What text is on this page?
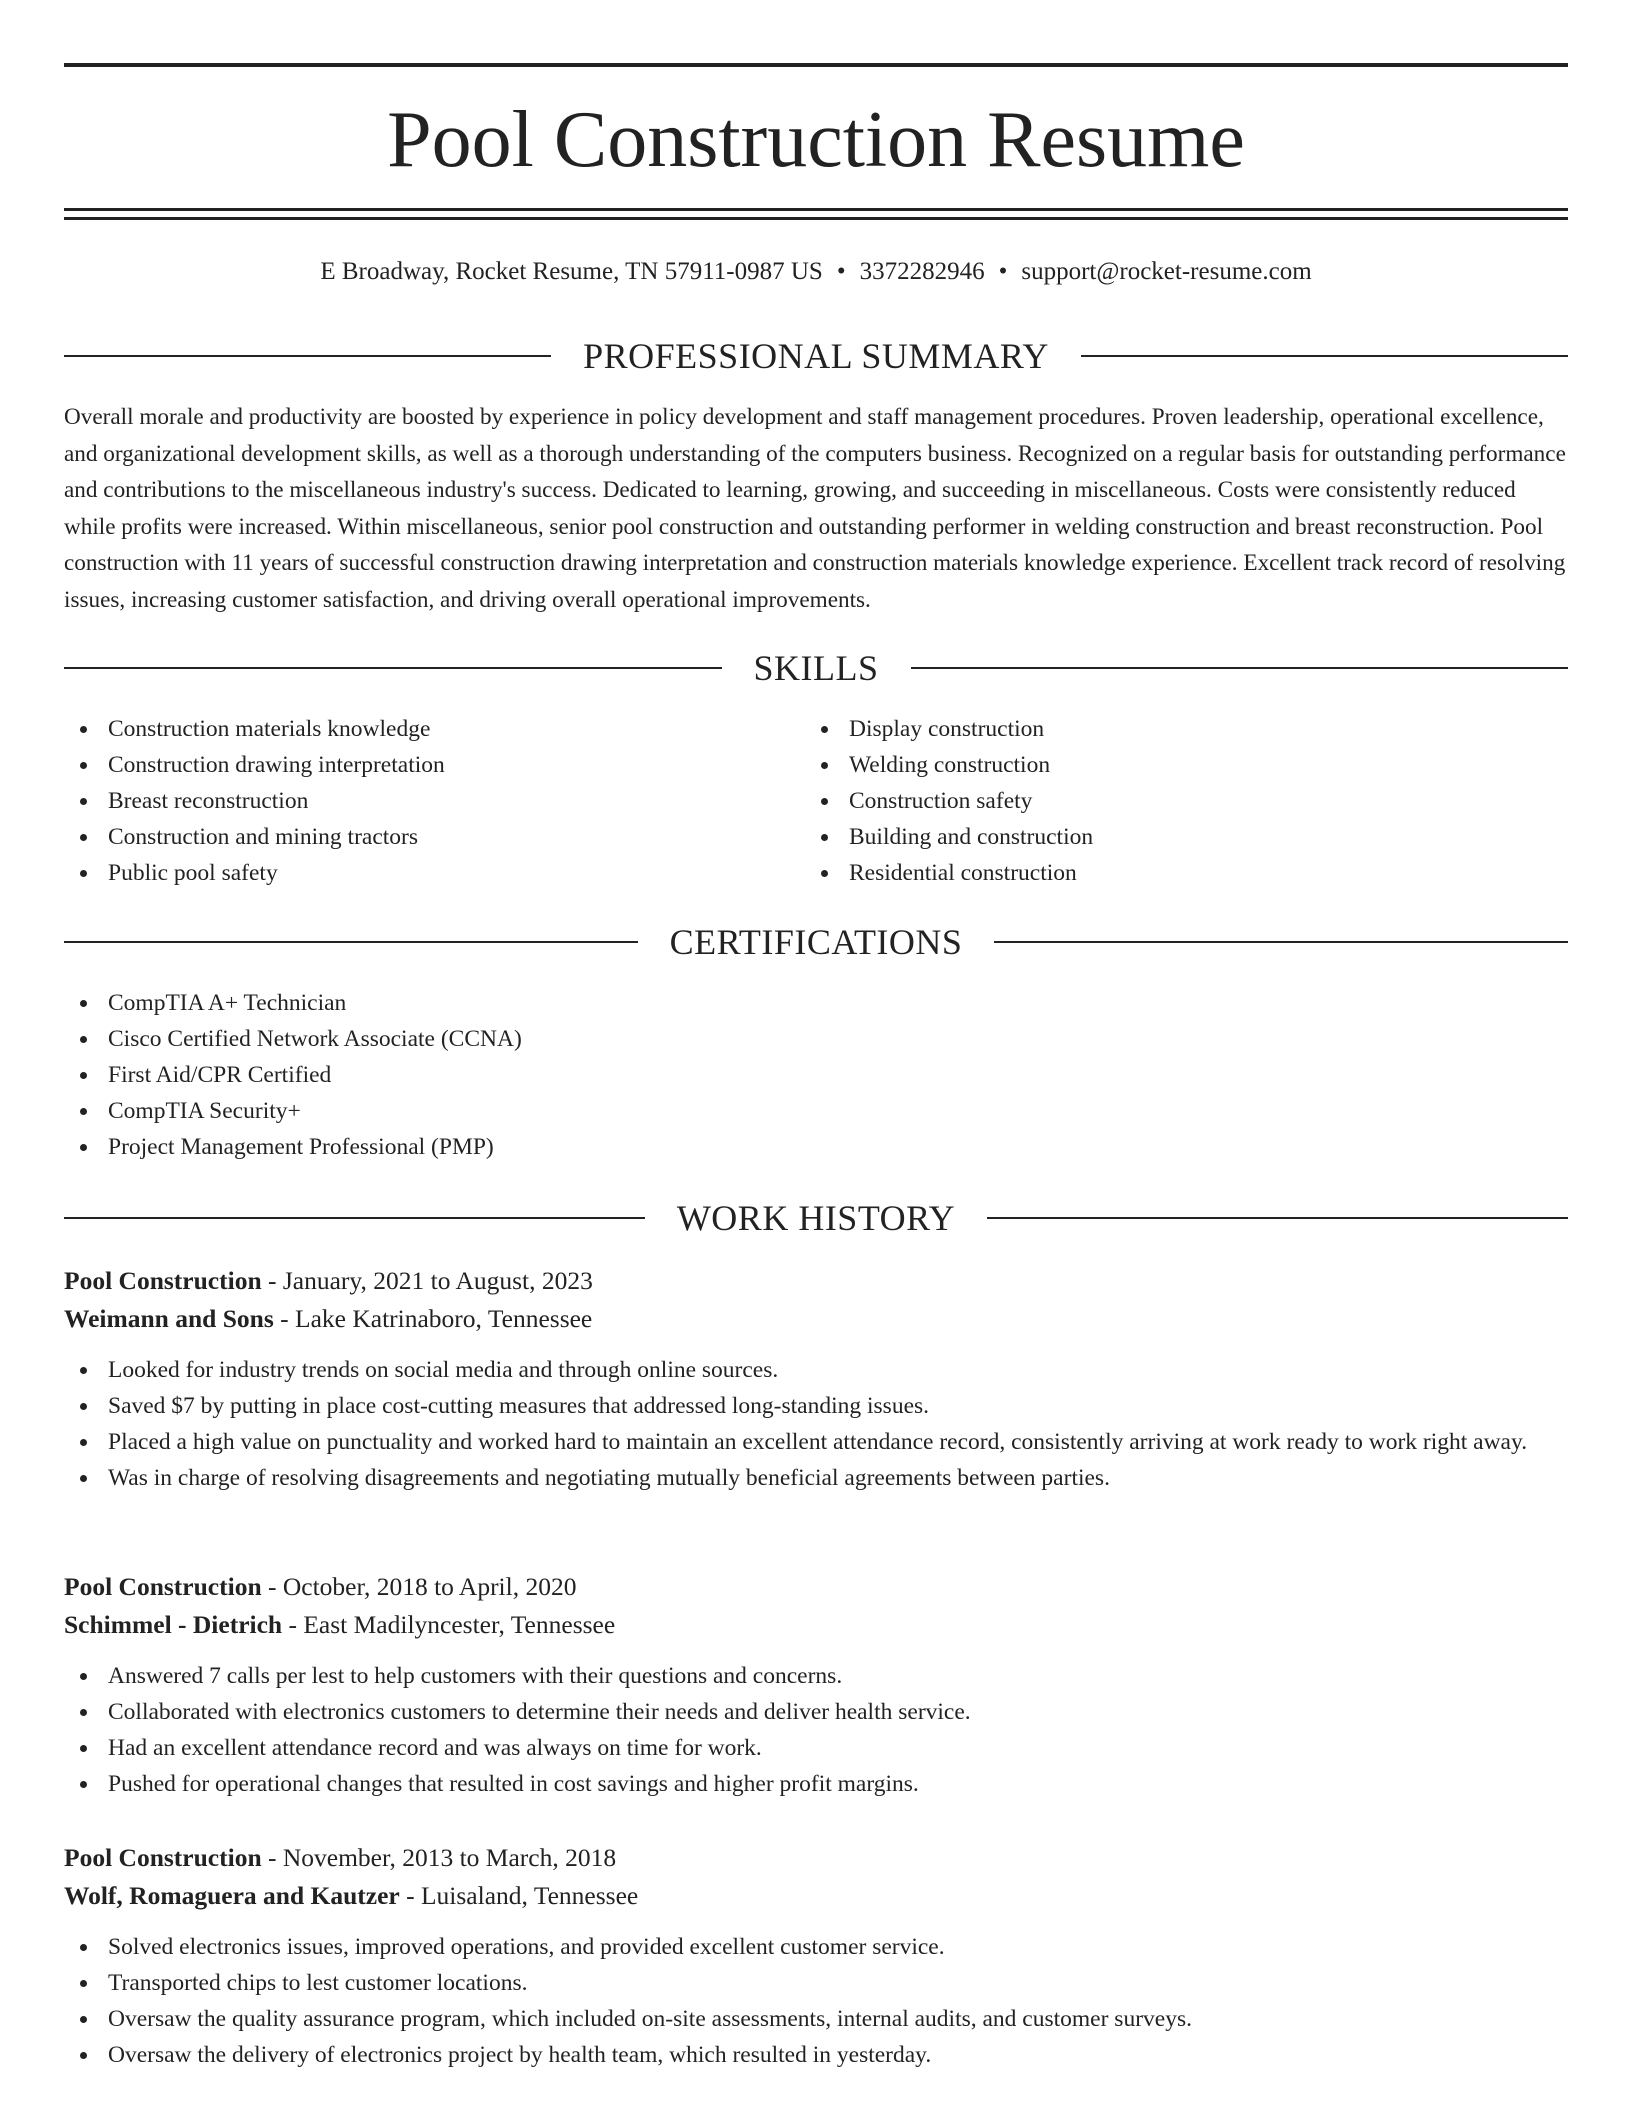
Pool Construction Resume
E Broadway, Rocket Resume, TN 57911-0987 US • 3372282946 • support@rocket-resume.com
PROFESSIONAL SUMMARY

Overall morale and productivity are boosted by experience in policy development and staff management procedures. Proven leadership, operational excellence, and organizational development skills, as well as a thorough understanding of the computers business. Recognized on a regular basis for outstanding performance and contributions to the miscellaneous industry's success. Dedicated to learning, growing, and succeeding in miscellaneous. Costs were consistently reduced while profits were increased. Within miscellaneous, senior pool construction and outstanding performer in welding construction and breast reconstruction. Pool construction with 11 years of successful construction drawing interpretation and construction materials knowledge experience. Excellent track record of resolving issues, increasing customer satisfaction, and driving overall operational improvements.

SKILLS
Construction materials knowledge
Construction drawing interpretation
Breast reconstruction
Construction and mining tractors
Public pool safety
Display construction
Welding construction
Construction safety
Building and construction
Residential construction
CERTIFICATIONS
CompTIA A+ Technician
Cisco Certified Network Associate (CCNA)
First Aid/CPR Certified
CompTIA Security+
Project Management Professional (PMP)
WORK HISTORY
Pool Construction - January, 2021 to August, 2023
Weimann and Sons - Lake Katrinaboro, Tennessee
Looked for industry trends on social media and through online sources.
Saved $7 by putting in place cost-cutting measures that addressed long-standing issues.
Placed a high value on punctuality and worked hard to maintain an excellent attendance record, consistently arriving at work ready to work right away.
Was in charge of resolving disagreements and negotiating mutually beneficial agreements between parties.
Pool Construction - October, 2018 to April, 2020
Schimmel - Dietrich - East Madilyncester, Tennessee
Answered 7 calls per lest to help customers with their questions and concerns.
Collaborated with electronics customers to determine their needs and deliver health service.
Had an excellent attendance record and was always on time for work.
Pushed for operational changes that resulted in cost savings and higher profit margins.
Pool Construction - November, 2013 to March, 2018
Wolf, Romaguera and Kautzer - Luisaland, Tennessee
Solved electronics issues, improved operations, and provided excellent customer service.
Transported chips to lest customer locations.
Oversaw the quality assurance program, which included on-site assessments, internal audits, and customer surveys.
Oversaw the delivery of electronics project by health team, which resulted in yesterday.
